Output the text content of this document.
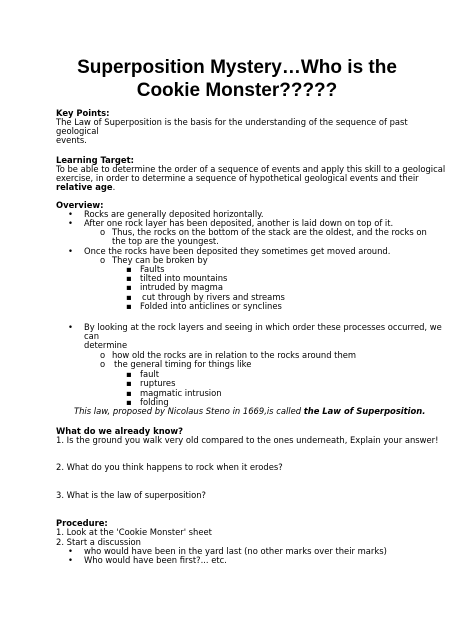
Superposition Mystery…Who is the
Cookie Monster?????
Key Points:
The Law of Superposition is the basis for the understanding of the sequence of past
geological
events.
Learning Target:
To be able to determine the order of a sequence of events and apply this skill to a geological
exercise, in order to determine a sequence of hypothetical geological events and their
relative age.
Overview:
• Rocks are generally deposited horizontally.
• After one rock layer has been deposited, another is laid down on top of it.
o Thus, the rocks on the bottom of the stack are the oldest, and the rocks on
the top are the youngest.
• Once the rocks have been deposited they sometimes get moved around.
o They can be broken by
▪ Faults
▪ tilted into mountains
▪ intruded by magma
▪ cut through by rivers and streams
▪ Folded into anticlines or synclines
• By looking at the rock layers and seeing in which order these processes occurred, we
can
determine
o how old the rocks are in relation to the rocks around them
o the general timing for things like
▪ fault
▪ ruptures
▪ magmatic intrusion
▪ folding
This law, proposed by Nicolaus Steno in 1669,is called the Law of Superposition.
What do we already know?
1. Is the ground you walk very old compared to the ones underneath, Explain your answer!
2. What do you think happens to rock when it erodes?
3. What is the law of superposition?
Procedure:
1. Look at the 'Cookie Monster' sheet
2. Start a discussion
• who would have been in the yard last (no other marks over their marks)
• Who would have been first?... etc.
